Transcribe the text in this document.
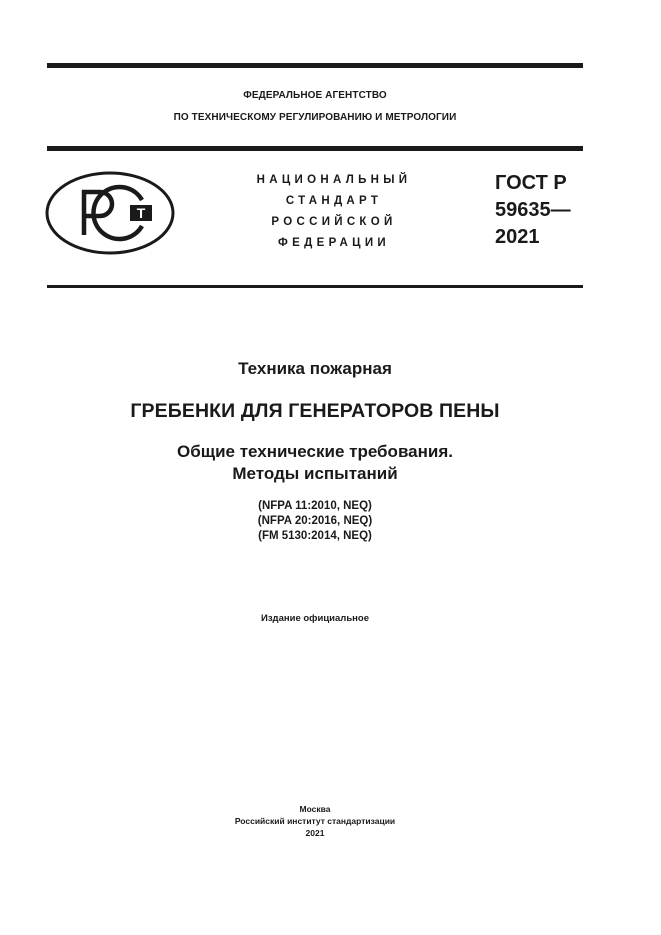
ФЕДЕРАЛЬНОЕ АГЕНТСТВО
ПО ТЕХНИЧЕСКОМУ РЕГУЛИРОВАНИЮ И МЕТРОЛОГИИ
Т
НАЦИОНАЛЬНЫЙ
СТАНДАРТ
РОССИЙСКОЙ
ФЕДЕРАЦИИ
ГОСТ Р
59635—
2021
Техника пожарная
ГРЕБЕНКИ ДЛЯ ГЕНЕРАТОРОВ ПЕНЫ
Общие технические требования.
Методы испытаний
(NFPA 11:2010, NEQ)
(NFPA 20:2016, NEQ)
(FM 5130:2014, NEQ)
Издание официальное
Москва
Российский институт стандартизации
2021
